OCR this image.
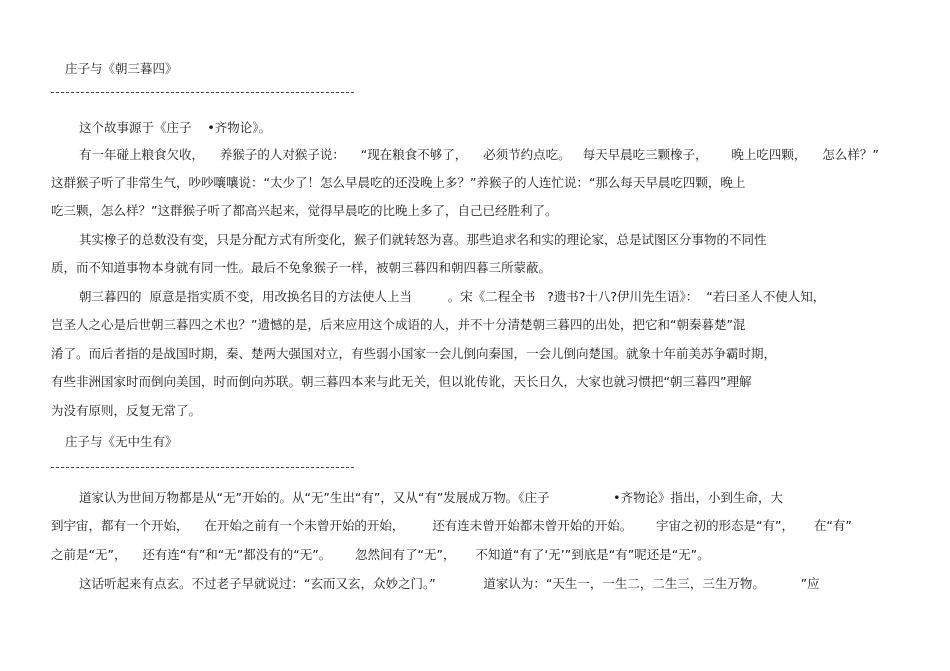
庄子与《朝三暮四》
这个故事源于《庄子    •齐物论》。
有一年碰上粮食欠收，    养猴子的人对猴子说：    “现在粮食不够了，    必须节约点吃。   每天早晨吃三颗橡子，      晚上吃四颗，    怎么样？”
这群猴子听了非常生气，吵吵嚷嚷说：“太少了！怎么早晨吃的还没晚上多？”养猴子的人连忙说：“那么每天早晨吃四颗，晚上
吃三颗，怎么样？”这群猴子听了都高兴起来，觉得早晨吃的比晚上多了，自己已经胜利了。
其实橡子的总数没有变，只是分配方式有所变化，猴子们就转怒为喜。那些追求名和实的理论家，总是试图区分事物的不同性
质，而不知道事物本身就有同一性。最后不免象猴子一样，被朝三暮四和朝四暮三所蒙蔽。
朝三暮四的  原意是指实质不变，用改换名目的方法使人上当         。宋《二程全书   ?遗书?十八?伊川先生语》：  “若曰圣人不使人知，
岂圣人之心是后世朝三暮四之术也？”遗憾的是，后来应用这个成语的人，并不十分清楚朝三暮四的出处，把它和“朝秦暮楚”混
淆了。而后者指的是战国时期，秦、楚两大强国对立，有些弱小国家一会儿倒向秦国，一会儿倒向楚国。就象十年前美苏争霸时期，
有些非洲国家时而倒向美国，时而倒向苏联。朝三暮四本来与此无关，但以讹传讹，天长日久，大家也就习惯把“朝三暮四”理解
为没有原则，反复无常了。
庄子与《无中生有》
道家认为世间万物都是从“无”开始的。从“无”生出“有”，又从“有”发展成万物。《庄子                •齐物论》指出，小到生命，大
到宇宙，都有一个开始，    在开始之前有一个未曾开始的开始，       还有连未曾开始都未曾开始的开始。      宇宙之初的形态是“有”，     在“有”
之前是“无”，    还有连“有”和“无”都没有的“无”。      忽然间有了“无”，     不知道“有了‘无’”到底是“有”呢还是“无”。
这话听起来有点玄。不过老子早就说过：“玄而又玄，众妙之门。”            道家认为：“天生一，一生二，二生三，三生万物。         ”应
